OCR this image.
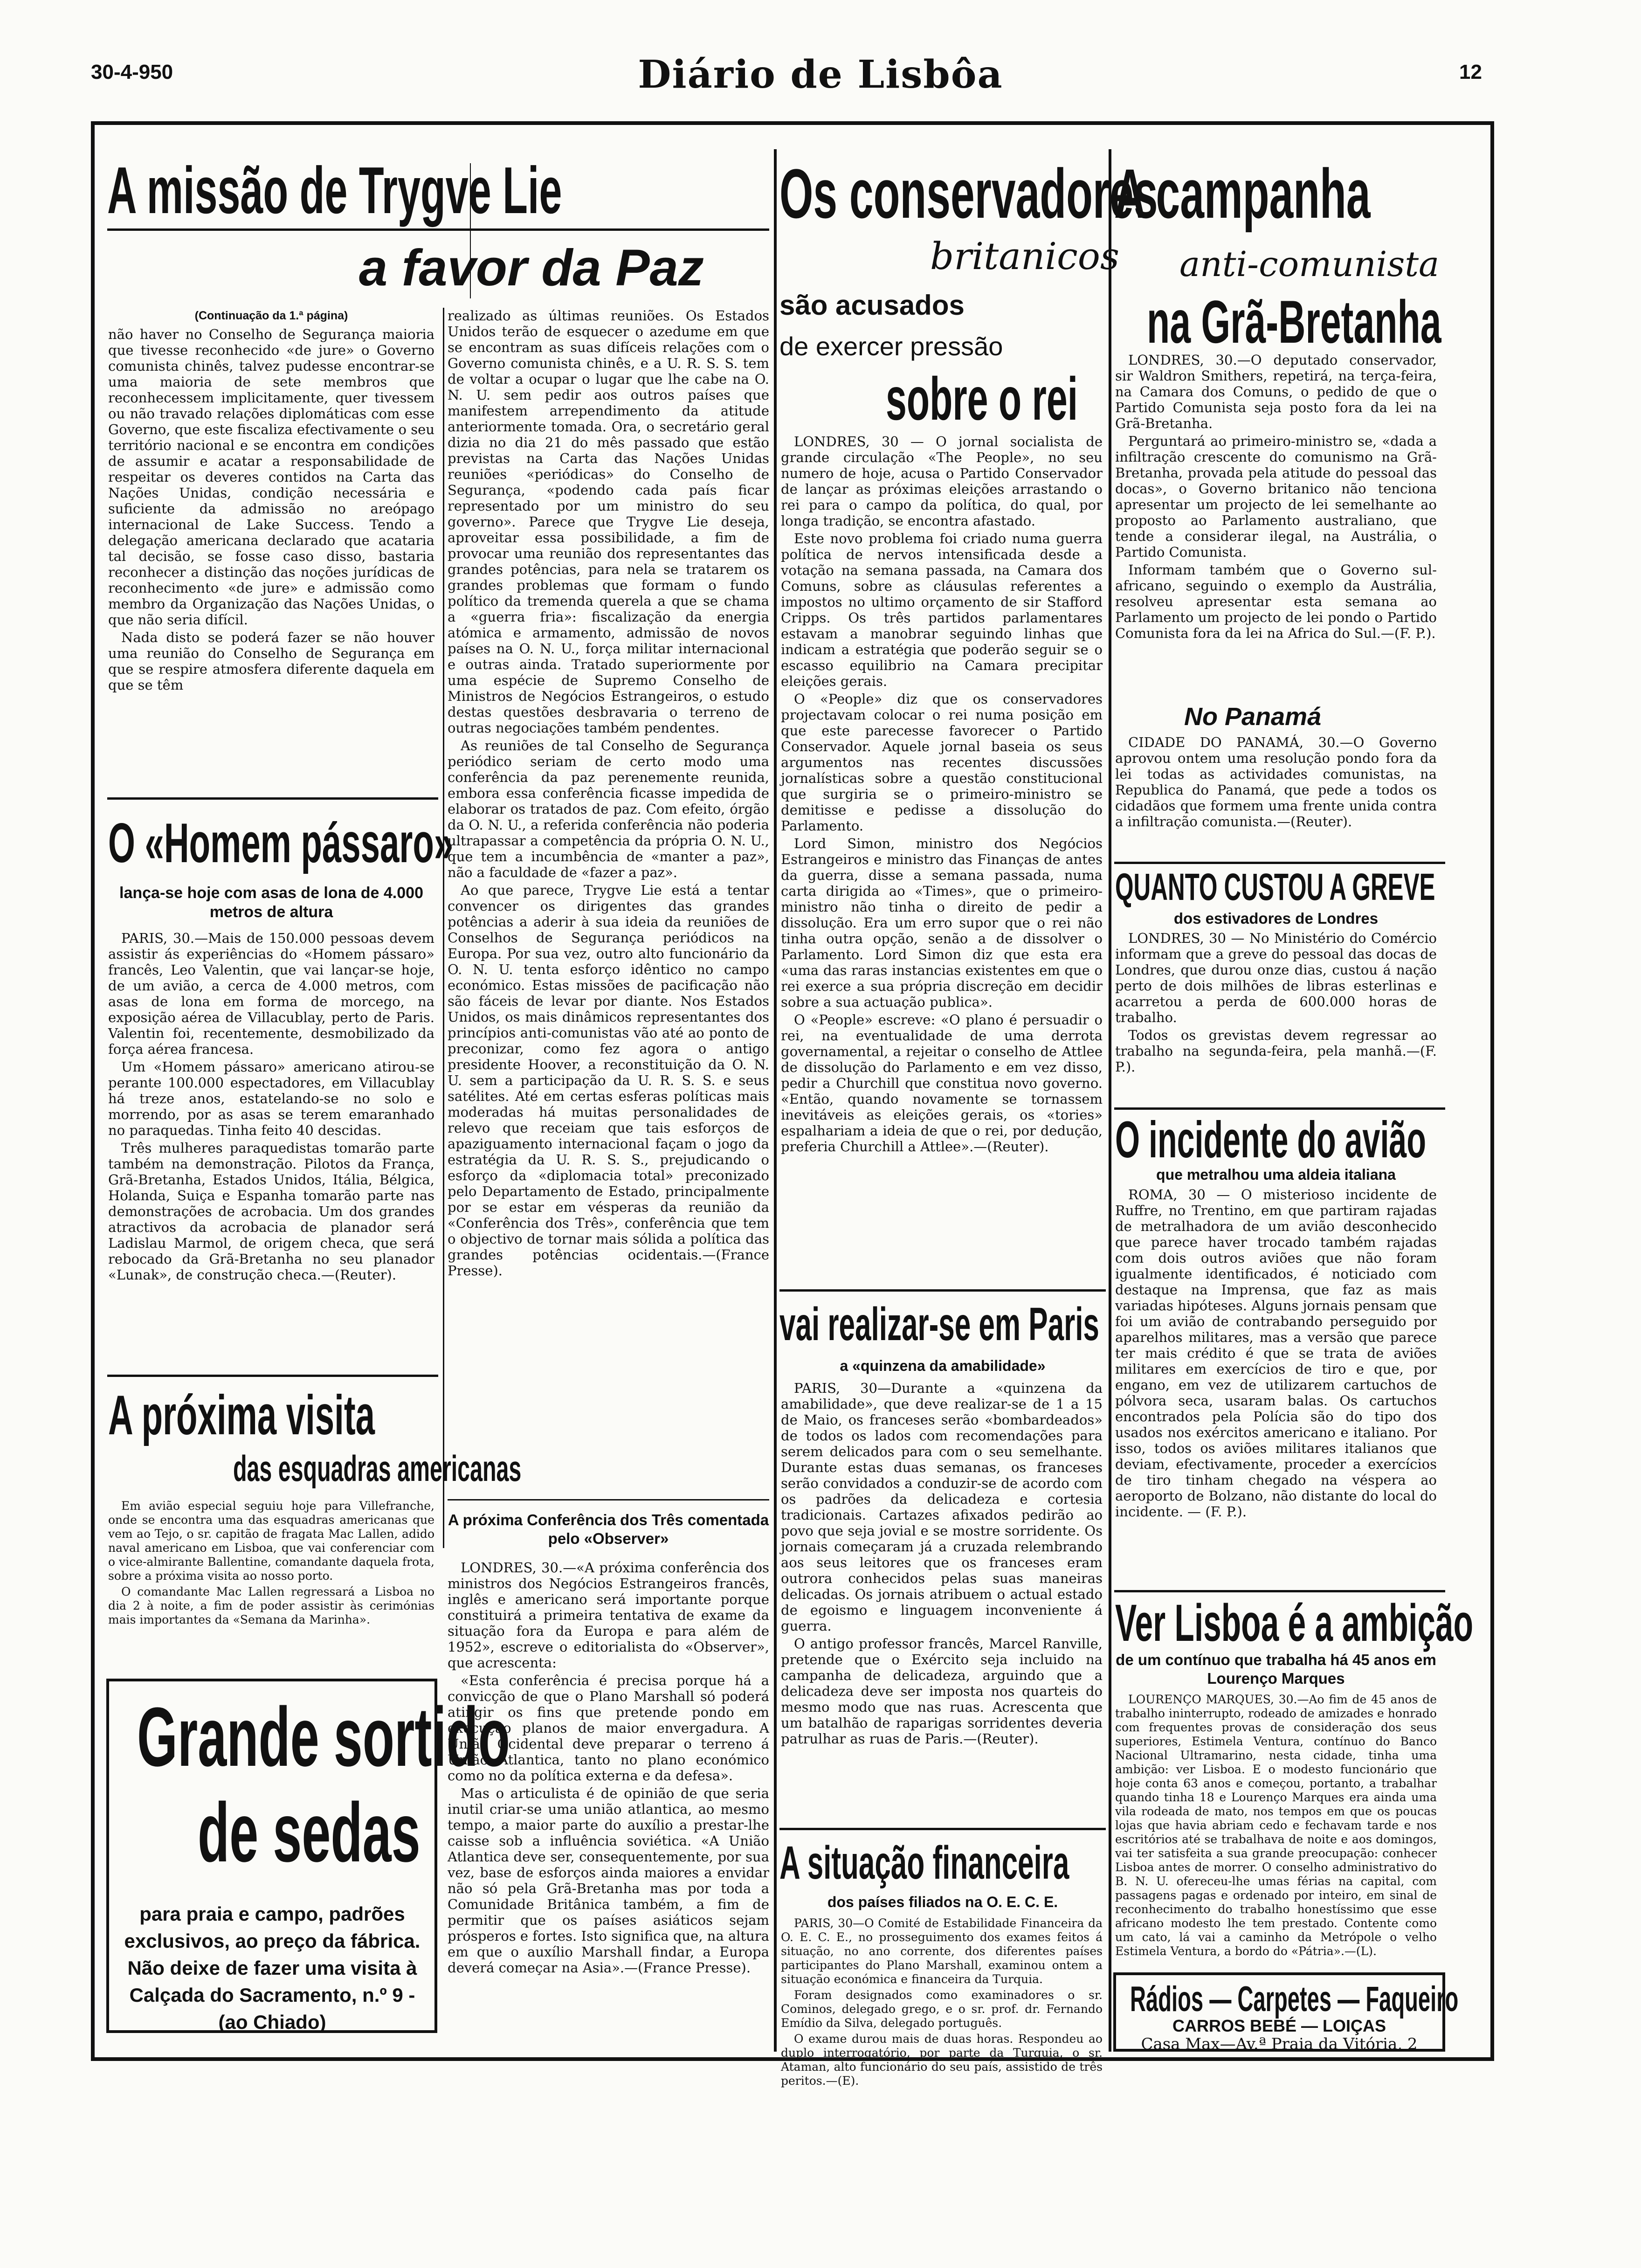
30-4-950	Diário de Lisbôa	12
A missão de Trygve Lie
a favor da Paz
(Continuação da 1.ª página)

não haver no Conselho de Segurança maioria que tivesse reconhecido «de jure» o Governo comunista chinês, talvez pudesse encontrar-se uma maioria de sete membros que reconhecessem implicitamente, quer tivessem ou não travado relações diplomáticas com esse Governo, que este fiscaliza efectivamente o seu território nacional e se encontra em condições de assumir e acatar a responsabilidade de respeitar os deveres contidos na Carta das Nações Unidas, condição necessária e suficiente da admissão no areópago internacional de Lake Success. Tendo a delegação americana declarado que acataria tal decisão, se fosse caso disso, bastaria reconhecer a distinção das noções jurídicas de reconhecimento «de jure» e admissão como membro da Organização das Nações Unidas, o que não seria difícil.

Nada disto se poderá fazer se não houver uma reunião do Conselho de Segurança em que se respire atmosfera diferente daquela em que se têm

realizado as últimas reuniões. Os Estados Unidos terão de esquecer o azedume em que se encontram as suas difíceis relações com o Governo comunista chinês, e a U. R. S. S. tem de voltar a ocupar o lugar que lhe cabe na O. N. U. sem pedir aos outros países que manifestem arrependimento da atitude anteriormente tomada. Ora, o secretário geral dizia no dia 21 do mês passado que estão previstas na Carta das Nações Unidas reuniões «periódicas» do Conselho de Segurança, «podendo cada país ficar representado por um ministro do seu governo». Parece que Trygve Lie deseja, aproveitar essa possibilidade, a fim de provocar uma reunião dos representantes das grandes potências, para nela se tratarem os grandes problemas que formam o fundo político da tremenda querela a que se chama a «guerra fria»: fiscalização da energia atómica e armamento, admissão de novos países na O. N. U., força militar internacional e outras ainda. Tratado superiormente por uma espécie de Supremo Conselho de Ministros de Negócios Estrangeiros, o estudo destas questões desbravaria o terreno de outras negociações também pendentes.

As reuniões de tal Conselho de Segurança periódico seriam de certo modo uma conferência da paz perenemente reunida, embora essa conferência ficasse impedida de elaborar os tratados de paz. Com efeito, órgão da O. N. U., a referida conferência não poderia ultrapassar a competência da própria O. N. U., que tem a incumbência de «manter a paz», não a faculdade de «fazer a paz».

Ao que parece, Trygve Lie está a tentar convencer os dirigentes das grandes potências a aderir à sua ideia da reuniões de Conselhos de Segurança periódicos na Europa. Por sua vez, outro alto funcionário da O. N. U. tenta esforço idêntico no campo económico. Estas missões de pacificação não são fáceis de levar por diante. Nos Estados Unidos, os mais dinâmicos representantes dos princípios anti-comunistas vão até ao ponto de preconizar, como fez agora o antigo presidente Hoover, a reconstituição da O. N. U. sem a participação da U. R. S. S. e seus satélites. Até em certas esferas políticas mais moderadas há muitas personalidades de relevo que receiam que tais esforços de apaziguamento internacional façam o jogo da estratégia da U. R. S. S., prejudicando o esforço da «diplomacia total» preconizado pelo Departamento de Estado, principalmente por se estar em vésperas da reunião da «Conferência dos Três», conferência que tem o objectivo de tornar mais sólida a política das grandes potências ocidentais.—(France Presse).

O «Homem pássaro»
lança-se hoje com asas de lona de 4.000 metros de altura

PARIS, 30.—Mais de 150.000 pessoas devem assistir ás experiências do «Homem pássaro» francês, Leo Valentin, que vai lançar-se hoje, de um avião, a cerca de 4.000 metros, com asas de lona em forma de morcego, na exposição aérea de Villacublay, perto de Paris. Valentin foi, recentemente, desmobilizado da força aérea francesa.

Um «Homem pássaro» americano atirou-se perante 100.000 espectadores, em Villacublay há treze anos, estatelando-se no solo e morrendo, por as asas se terem emaranhado no paraquedas. Tinha feito 40 descidas.

Três mulheres paraquedistas tomarão parte também na demonstração. Pilotos da França, Grã-Bretanha, Estados Unidos, Itália, Bélgica, Holanda, Suiça e Espanha tomarão parte nas demonstrações de acrobacia. Um dos grandes atractivos da acrobacia de planador será Ladislau Marmol, de origem checa, que será rebocado da Grã-Bretanha no seu planador «Lunak», de construção checa.—(Reuter).

A próxima visita
das esquadras americanas

Em avião especial seguiu hoje para Villefranche, onde se encontra uma das esquadras americanas que vem ao Tejo, o sr. capitão de fragata Mac Lallen, adido naval americano em Lisboa, que vai conferenciar com o vice-almirante Ballentine, comandante daquela frota, sobre a próxima visita ao nosso porto.

O comandante Mac Lallen regressará a Lisboa no dia 2 à noite, a fim de poder assistir às cerimónias mais importantes da «Semana da Marinha».

Grande sortido
de sedas
para praia e campo, padrões exclusivos, ao preço da fábrica. Não deixe de fazer uma visita à Calçada do Sacramento, n.º 9 - (ao Chiado)
A próxima Conferência dos Três comentada pelo «Observer»

LONDRES, 30.—«A próxima conferência dos ministros dos Negócios Estrangeiros francês, inglês e americano será importante porque constituirá a primeira tentativa de exame da situação fora da Europa e para além de 1952», escreve o editorialista do «Observer», que acrescenta:

«Esta conferência é precisa porque há a convicção de que o Plano Marshall só poderá atingir os fins que pretende pondo em execução planos de maior envergadura. A União Ocidental deve preparar o terreno á União Atlantica, tanto no plano económico como no da política externa e da defesa».

Mas o articulista é de opinião de que seria inutil criar-se uma união atlantica, ao mesmo tempo, a maior parte do auxílio a prestar-lhe caisse sob a influência soviética. «A União Atlantica deve ser, consequentemente, por sua vez, base de esforços ainda maiores a envidar não só pela Grã-Bretanha mas por toda a Comunidade Britânica também, a fim de permitir que os países asiáticos sejam prósperos e fortes. Isto significa que, na altura em que o auxílio Marshall findar, a Europa deverá começar na Asia».—(France Presse).

Os conservadores
britanicos
são acusados
de exercer pressão
sobre o rei

LONDRES, 30 — O jornal socialista de grande circulação «The People», no seu numero de hoje, acusa o Partido Conservador de lançar as próximas eleições arrastando o rei para o campo da política, do qual, por longa tradição, se encontra afastado.

Este novo problema foi criado numa guerra política de nervos intensificada desde a votação na semana passada, na Camara dos Comuns, sobre as cláusulas referentes a impostos no ultimo orçamento de sir Stafford Cripps. Os três partidos parlamentares estavam a manobrar seguindo linhas que indicam a estratégia que poderão seguir se o escasso equilibrio na Camara precipitar eleições gerais.

O «People» diz que os conservadores projectavam colocar o rei numa posição em que este parecesse favorecer o Partido Conservador. Aquele jornal baseia os seus argumentos nas recentes discussões jornalísticas sobre a questão constitucional que surgiria se o primeiro-ministro se demitisse e pedisse a dissolução do Parlamento.

Lord Simon, ministro dos Negócios Estrangeiros e ministro das Finanças de antes da guerra, disse a semana passada, numa carta dirigida ao «Times», que o primeiro-ministro não tinha o direito de pedir a dissolução. Era um erro supor que o rei não tinha outra opção, senão a de dissolver o Parlamento. Lord Simon diz que esta era «uma das raras instancias existentes em que o rei exerce a sua própria discreção em decidir sobre a sua actuação publica».

O «People» escreve: «O plano é persuadir o rei, na eventualidade de uma derrota governamental, a rejeitar o conselho de Attlee de dissolução do Parlamento e em vez disso, pedir a Churchill que constitua novo governo. «Então, quando novamente se tornassem inevitáveis as eleições gerais, os «tories» espalhariam a ideia de que o rei, por dedução, preferia Churchill a Attlee».—(Reuter).

vai realizar-se em Paris
a «quinzena da amabilidade»

PARIS, 30—Durante a «quinzena da amabilidade», que deve realizar-se de 1 a 15 de Maio, os franceses serão «bombardeados» de todos os lados com recomendações para serem delicados para com o seu semelhante. Durante estas duas semanas, os franceses serão convidados a conduzir-se de acordo com os padrões da delicadeza e cortesia tradicionais. Cartazes afixados pedirão ao povo que seja jovial e se mostre sorridente. Os jornais começaram já a cruzada relembrando aos seus leitores que os franceses eram outrora conhecidos pelas suas maneiras delicadas. Os jornais atribuem o actual estado de egoismo e linguagem inconveniente á guerra.

O antigo professor francês, Marcel Ranville, pretende que o Exército seja incluido na campanha de delicadeza, arguindo que a delicadeza deve ser imposta nos quarteis do mesmo modo que nas ruas. Acrescenta que um batalhão de raparigas sorridentes deveria patrulhar as ruas de Paris.—(Reuter).

A situação financeira
dos países filiados na O. E. C. E.

PARIS, 30—O Comité de Estabilidade Financeira da O. E. C. E., no prosseguimento dos exames feitos á situação, no ano corrente, dos diferentes países participantes do Plano Marshall, examinou ontem a situação económica e financeira da Turquia.

Foram designados como examinadores o sr. Cominos, delegado grego, e o sr. prof. dr. Fernando Emídio da Silva, delegado português.

O exame durou mais de duas horas. Respondeu ao duplo interrogatório, por parte da Turquia, o sr. Ataman, alto funcionário do seu país, assistido de três peritos.—(E).

A campanha
anti-comunista
na Grã-Bretanha

LONDRES, 30.—O deputado conservador, sir Waldron Smithers, repetirá, na terça-feira, na Camara dos Comuns, o pedido de que o Partido Comunista seja posto fora da lei na Grã-Bretanha.

Perguntará ao primeiro-ministro se, «dada a infiltração crescente do comunismo na Grã-Bretanha, provada pela atitude do pessoal das docas», o Governo britanico não tenciona apresentar um projecto de lei semelhante ao proposto ao Parlamento australiano, que tende a considerar ilegal, na Austrália, o Partido Comunista.

Informam também que o Governo sul-africano, seguindo o exemplo da Austrália, resolveu apresentar esta semana ao Parlamento um projecto de lei pondo o Partido Comunista fora da lei na Africa do Sul.—(F. P.).

No Panamá

CIDADE DO PANAMÁ, 30.—O Governo aprovou ontem uma resolução pondo fora da lei todas as actividades comunistas, na Republica do Panamá, que pede a todos os cidadãos que formem uma frente unida contra a infiltração comunista.—(Reuter).

QUANTO CUSTOU A GREVE
dos estivadores de Londres

LONDRES, 30 — No Ministério do Comércio informam que a greve do pessoal das docas de Londres, que durou onze dias, custou á nação perto de dois milhões de libras esterlinas e acarretou a perda de 600.000 horas de trabalho.

Todos os grevistas devem regressar ao trabalho na segunda-feira, pela manhã.—(F. P.).

O incidente do avião
que metralhou uma aldeia italiana

ROMA, 30 — O misterioso incidente de Ruffre, no Trentino, em que partiram rajadas de metralhadora de um avião desconhecido que parece haver trocado também rajadas com dois outros aviões que não foram igualmente identificados, é noticiado com destaque na Imprensa, que faz as mais variadas hipóteses. Alguns jornais pensam que foi um avião de contrabando perseguido por aparelhos militares, mas a versão que parece ter mais crédito é que se trata de aviões militares em exercícios de tiro e que, por engano, em vez de utilizarem cartuchos de pólvora seca, usaram balas. Os cartuchos encontrados pela Polícia são do tipo dos usados nos exércitos americano e italiano. Por isso, todos os aviões militares italianos que deviam, efectivamente, proceder a exercícios de tiro tinham chegado na véspera ao aeroporto de Bolzano, não distante do local do incidente. — (F. P.).

Ver Lisboa é a ambição
de um contínuo que trabalha há 45 anos em Lourenço Marques

LOURENÇO MARQUES, 30.—Ao fim de 45 anos de trabalho ininterrupto, rodeado de amizades e honrado com frequentes provas de consideração dos seus superiores, Estimela Ventura, contínuo do Banco Nacional Ultramarino, nesta cidade, tinha uma ambição: ver Lisboa. E o modesto funcionário que hoje conta 63 anos e começou, portanto, a trabalhar quando tinha 18 e Lourenço Marques era ainda uma vila rodeada de mato, nos tempos em que os poucas lojas que havia abriam cedo e fechavam tarde e nos escritórios até se trabalhava de noite e aos domingos, vai ter satisfeita a sua grande preocupação: conhecer Lisboa antes de morrer. O conselho administrativo do B. N. U. ofereceu-lhe umas férias na capital, com passagens pagas e ordenado por inteiro, em sinal de reconhecimento do trabalho honestíssimo que esse africano modesto lhe tem prestado. Contente como um cato, lá vai a caminho da Metrópole o velho Estimela Ventura, a bordo do «Pátria».—(L).

Rádios — Carpetes — Faqueiro
CARROS BEBÉ — LOIÇAS
Casa Max—Av.ª Praia da Vitória, 2
